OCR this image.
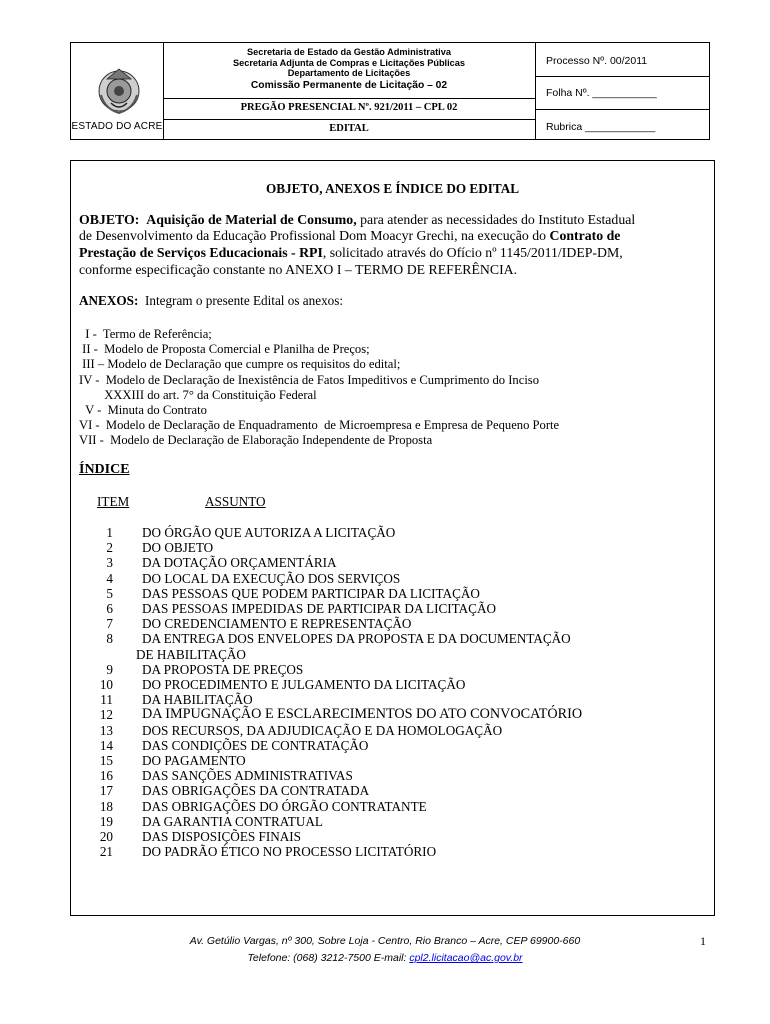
ESTADO DO ACRE
Secretaria de Estado da Gestão Administrativa
Secretaria Adjunta de Compras e Licitações Públicas
Departamento de Licitações
Comissão Permanente de Licitação – 02
PREGÃO PRESENCIAL Nº. 921/2011 – CPL 02
EDITAL
Processo Nº. 00/2011
Folha Nº. ___________
Rubrica ____________
OBJETO, ANEXOS E ÍNDICE DO EDITAL
OBJETO: Aquisição de Material de Consumo, para atender as necessidades do Instituto Estadual
de Desenvolvimento da Educação Profissional Dom Moacyr Grechi, na execução do Contrato de
Prestação de Serviços Educacionais - RPI, solicitado através do Ofício nº 1145/2011/IDEP-DM,
conforme especificação constante no ANEXO I – TERMO DE REFERÊNCIA.
ANEXOS: Integram o presente Edital os anexos:
I -  Termo de Referência;
II -  Modelo de Proposta Comercial e Planilha de Preços;
III – Modelo de Declaração que cumpre os requisitos do edital;
IV -  Modelo de Declaração de Inexistência de Fatos Impeditivos e Cumprimento do Inciso
XXXIII do art. 7° da Constituição Federal
V -  Minuta do Contrato
VI -  Modelo de Declaração de Enquadramento  de Microempresa e Empresa de Pequeno Porte
VII -  Modelo de Declaração de Elaboração Independente de Proposta
ÍNDICE
ITEM	ASSUNTO
1 DO ÓRGÃO QUE AUTORIZA A LICITAÇÃO
2 DO OBJETO
3 DA DOTAÇÃO ORÇAMENTÁRIA
4 DO LOCAL DA EXECUÇÃO DOS SERVIÇOS
5 DAS PESSOAS QUE PODEM PARTICIPAR DA LICITAÇÃO
6 DAS PESSOAS IMPEDIDAS DE PARTICIPAR DA LICITAÇÃO
7 DO CREDENCIAMENTO E REPRESENTAÇÃO
8 DA ENTREGA DOS ENVELOPES DA PROPOSTA E DA DOCUMENTAÇÃO
DE HABILITAÇÃO
9 DA PROPOSTA DE PREÇOS
10 DO PROCEDIMENTO E JULGAMENTO DA LICITAÇÃO
11 DA HABILITAÇÃO
12 DA IMPUGNAÇÃO E ESCLARECIMENTOS DO ATO CONVOCATÓRIO
13 DOS RECURSOS, DA ADJUDICAÇÃO E DA HOMOLOGAÇÃO
14 DAS CONDIÇÕES DE CONTRATAÇÃO
15 DO PAGAMENTO
16 DAS SANÇÕES ADMINISTRATIVAS
17 DAS OBRIGAÇÕES DA CONTRATADA
18 DAS OBRIGAÇÕES DO ÓRGÃO CONTRATANTE
19 DA GARANTIA CONTRATUAL
20 DAS DISPOSIÇÕES FINAIS
21 DO PADRÃO ÉTICO NO PROCESSO LICITATÓRIO
Av. Getúlio Vargas, nº 300, Sobre Loja - Centro, Rio Branco – Acre, CEP 69900-660
Telefone: (068) 3212-7500 E-mail: cpl2.licitacao@ac.gov.br
1
